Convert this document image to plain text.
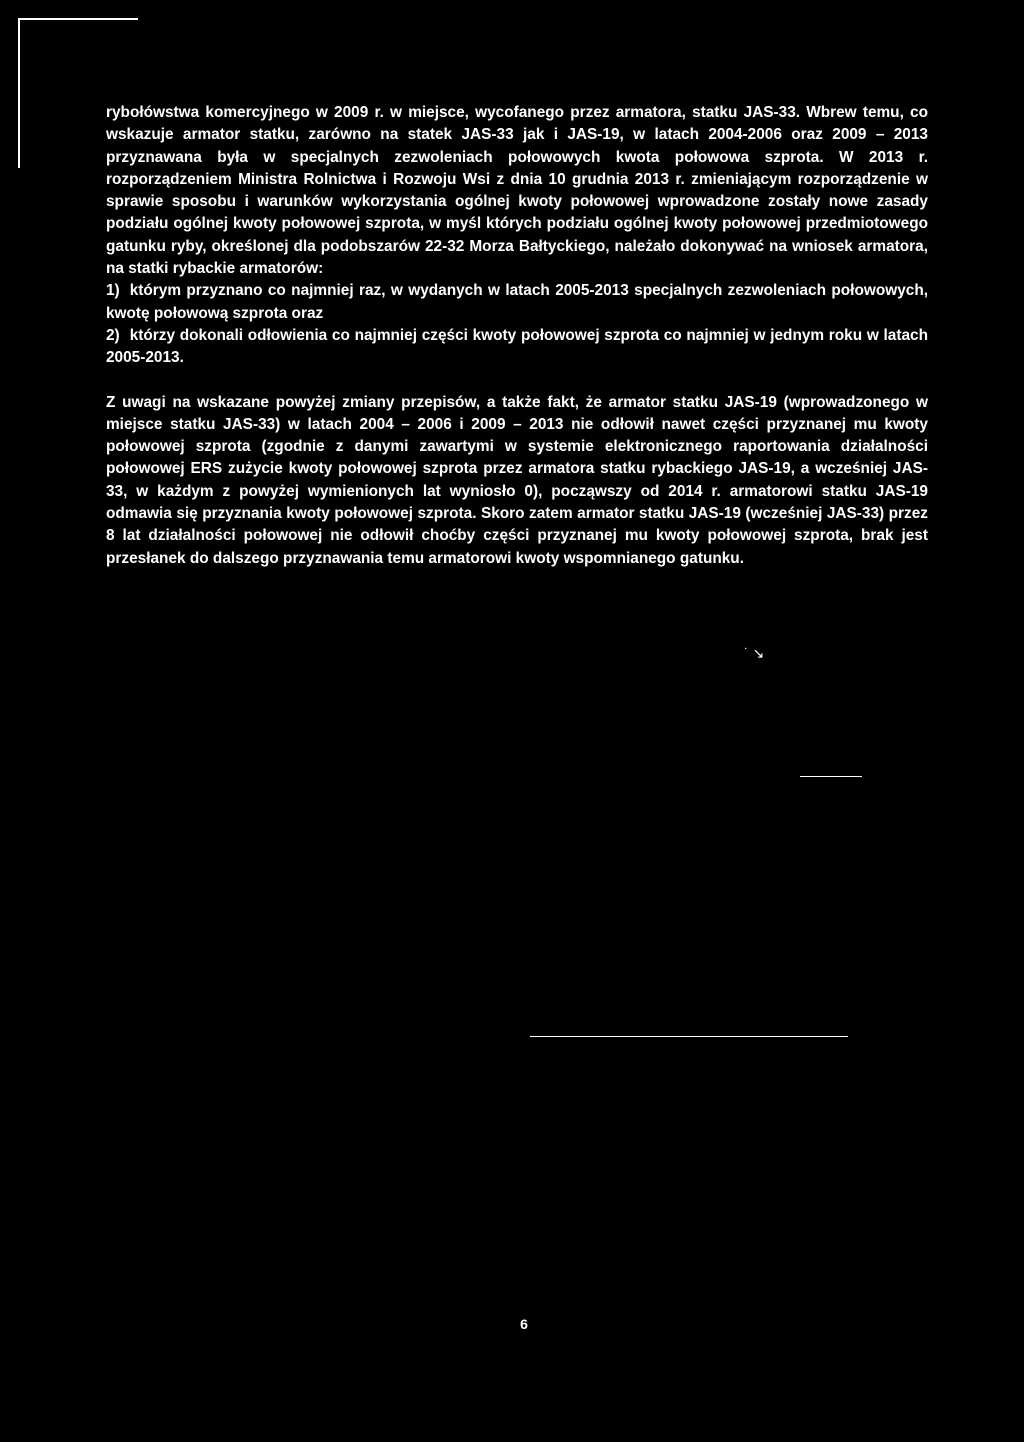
rybołówstwa komercyjnego w 2009 r. w miejsce, wycofanego przez armatora, statku JAS-33. Wbrew temu, co wskazuje armator statku, zarówno na statek JAS-33 jak i JAS-19, w latach 2004-2006 oraz 2009 – 2013 przyznawana była w specjalnych zezwoleniach połowowych kwota połowowa szprota. W 2013 r. rozporządzeniem Ministra Rolnictwa i Rozwoju Wsi z dnia 10 grudnia 2013 r. zmieniającym rozporządzenie w sprawie sposobu i warunków wykorzystania ogólnej kwoty połowowej wprowadzone zostały nowe zasady podziału ogólnej kwoty połowowej szprota, w myśl których podziału ogólnej kwoty połowowej przedmiotowego gatunku ryby, określonej dla podobszarów 22-32 Morza Bałtyckiego, należało dokonywać na wniosek armatora, na statki rybackie armatorów:

1) którym przyznano co najmniej raz, w wydanych w latach 2005-2013 specjalnych zezwoleniach połowowych, kwotę połowową szprota oraz

2) którzy dokonali odłowienia co najmniej części kwoty połowowej szprota co najmniej w jednym roku w latach 2005-2013.

Z uwagi na wskazane powyżej zmiany przepisów, a także fakt, że armator statku JAS-19 (wprowadzonego w miejsce statku JAS-33) w latach 2004 – 2006 i 2009 – 2013 nie odłowił nawet części przyznanej mu kwoty połowowej szprota (zgodnie z danymi zawartymi w systemie elektronicznego raportowania działalności połowowej ERS zużycie kwoty połowowej szprota przez armatora statku rybackiego JAS-19, a wcześniej JAS-33, w każdym z powyżej wymienionych lat wyniosło 0), począwszy od 2014 r. armatorowi statku JAS-19 odmawia się przyznania kwoty połowowej szprota. Skoro zatem armator statku JAS-19 (wcześniej JAS-33) przez 8 lat działalności połowowej nie odłowił choćby części przyznanej mu kwoty połowowej szprota, brak jest przesłanek do dalszego przyznawania temu armatorowi kwoty wspomnianego gatunku.

˙ ↘
6
